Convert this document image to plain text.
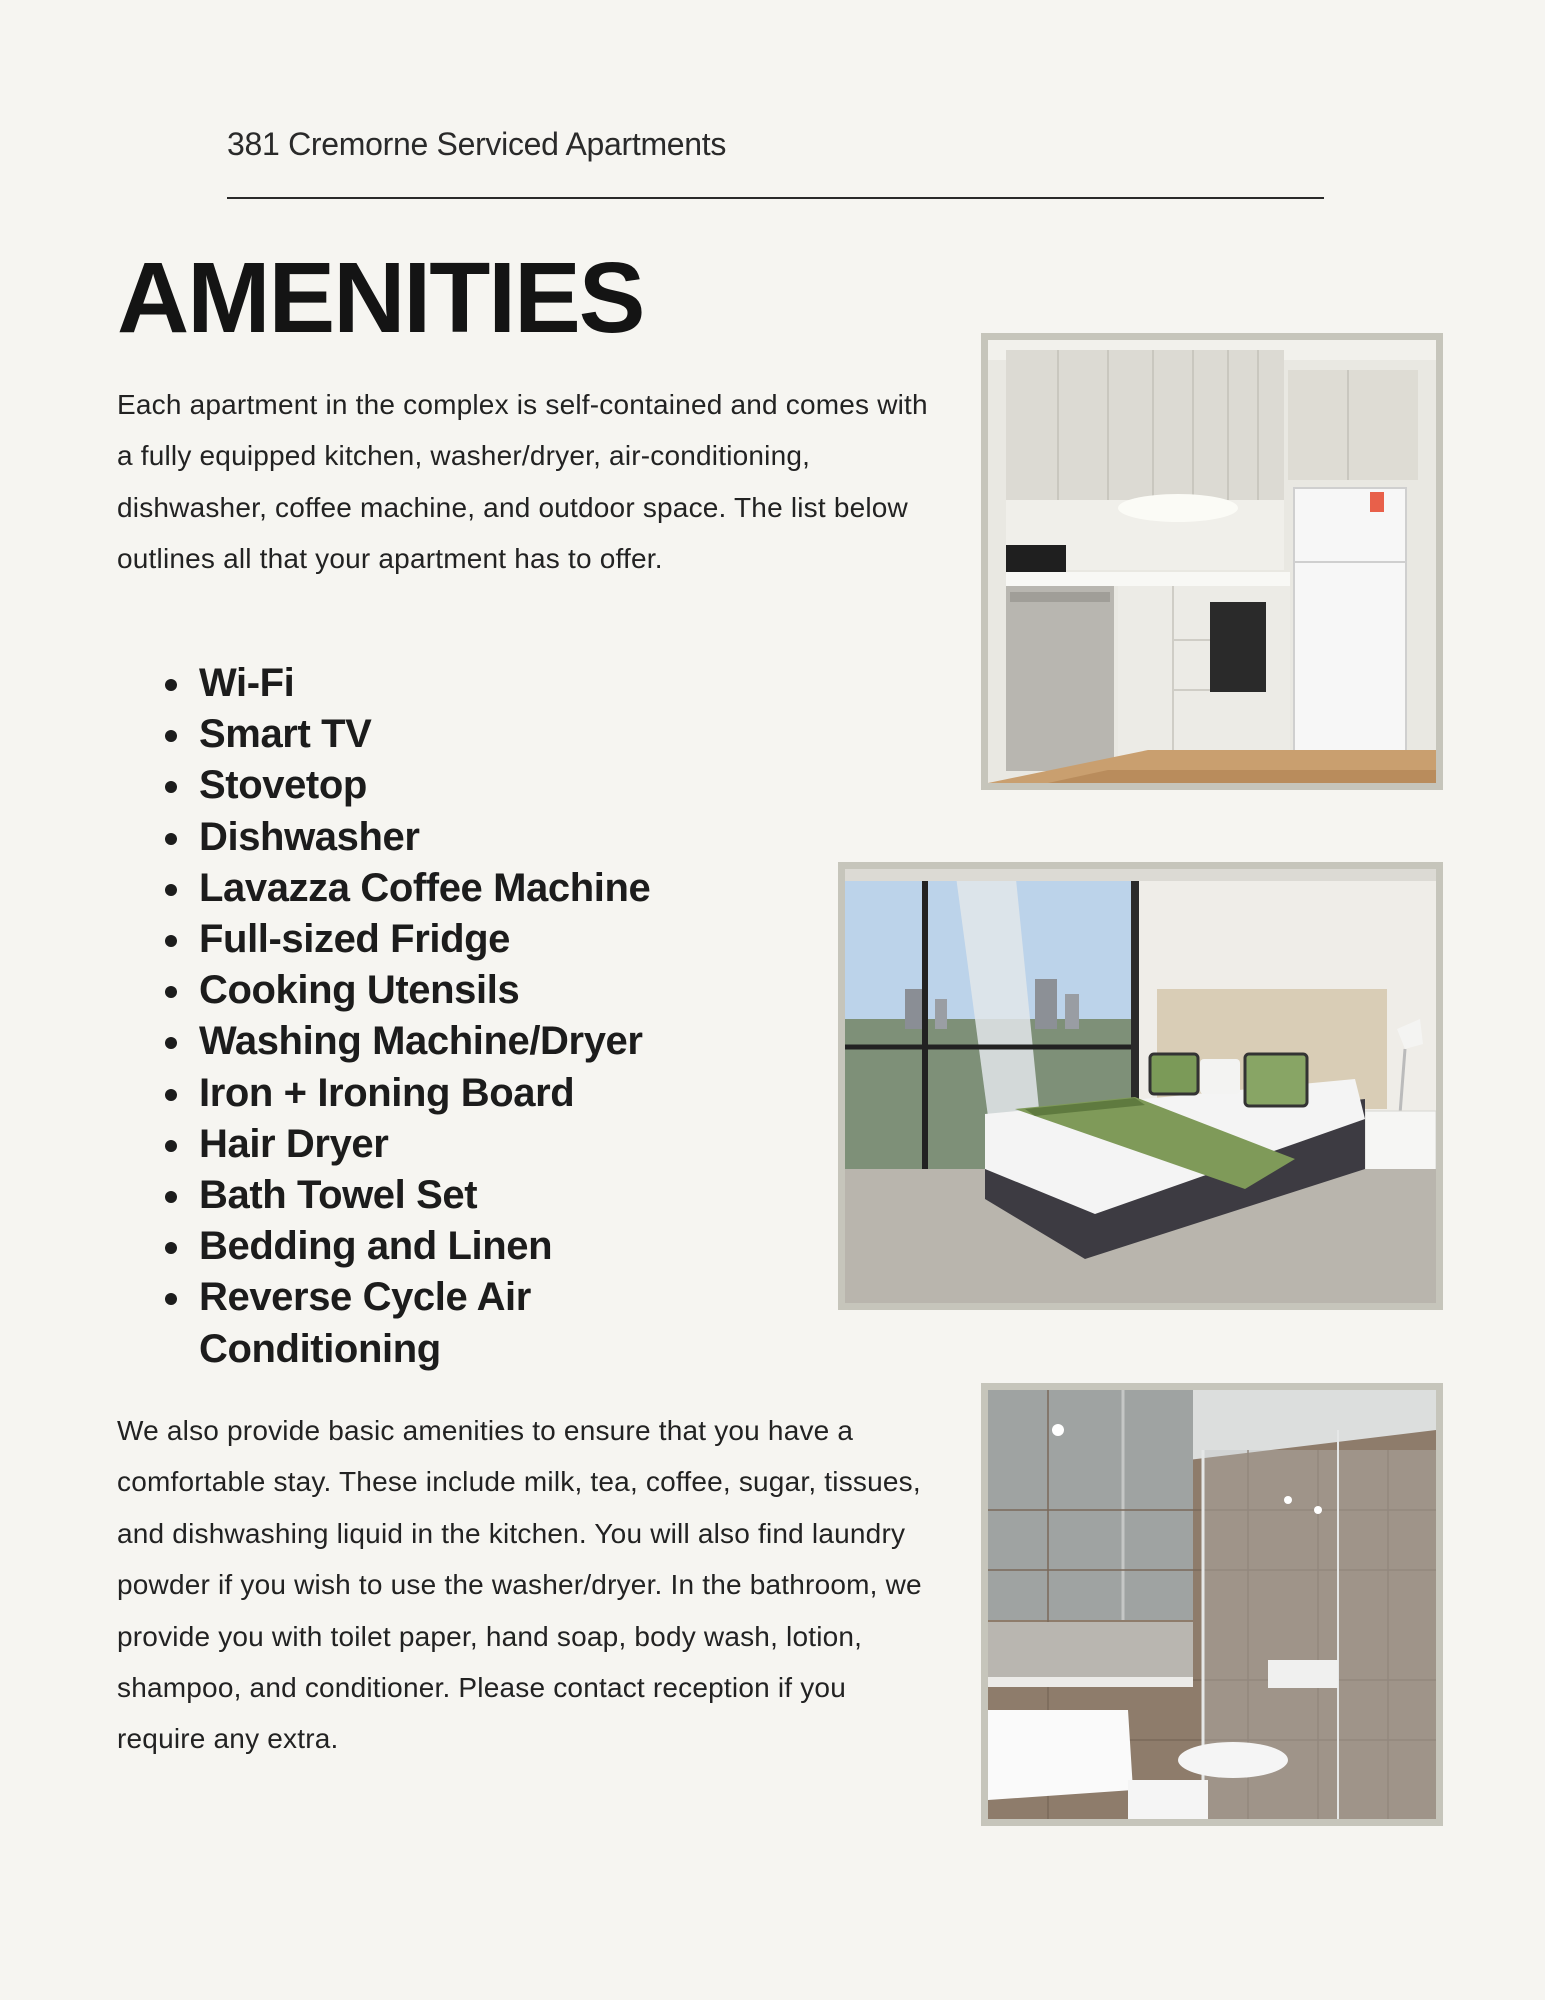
381 Cremorne Serviced Apartments
AMENITIES

Each apartment in the complex is self-contained and comes with a fully equipped kitchen, washer/dryer, air-conditioning, dishwasher, coffee machine, and outdoor space. The list below outlines all that your apartment has to offer.

• Wi-Fi
• Smart TV
• Stovetop
• Dishwasher
• Lavazza Coffee Machine
• Full-sized Fridge
• Cooking Utensils
• Washing Machine/Dryer
• Iron + Ironing Board
• Hair Dryer
• Bath Towel Set
• Bedding and Linen
• Reverse Cycle Air Conditioning

We also provide basic amenities to ensure that you have a comfortable stay. These include milk, tea, coffee, sugar, tissues, and dishwashing liquid in the kitchen. You will also find laundry powder if you wish to use the washer/dryer. In the bathroom, we provide you with toilet paper, hand soap, body wash, lotion, shampoo, and conditioner. Please contact reception if you require any extra.
